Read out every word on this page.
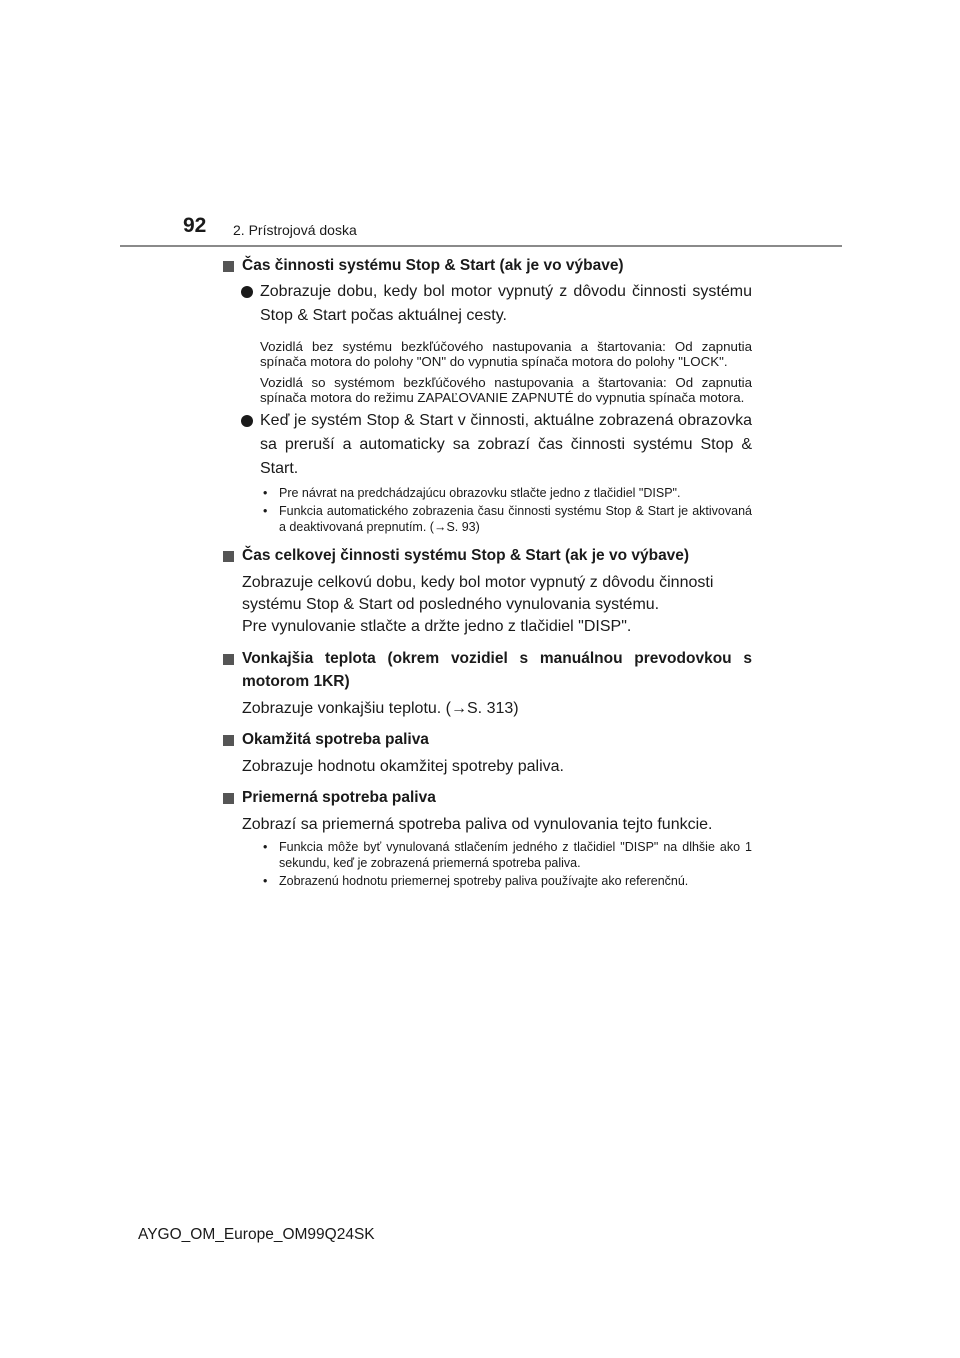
92 2. Prístrojová doska
Čas činnosti systému Stop & Start (ak je vo výbave)
Zobrazuje dobu, kedy bol motor vypnutý z dôvodu činnosti systému Stop & Start počas aktuálnej cesty.
Vozidlá bez systému bezkľúčového nastupovania a štartovania: Od zapnutia spínača motora do polohy "ON" do vypnutia spínača motora do polohy "LOCK".
Vozidlá so systémom bezkľúčového nastupovania a štartovania: Od zapnutia spínača motora do režimu ZAPAĽOVANIE ZAPNUTÉ do vypnutia spínača motora.
Keď je systém Stop & Start v činnosti, aktuálne zobrazená obrazovka sa preruší a automaticky sa zobrazí čas činnosti systému Stop & Start.
• Pre návrat na predchádzajúcu obrazovku stlačte jedno z tlačidiel "DISP".
• Funkcia automatického zobrazenia času činnosti systému Stop & Start je aktivovaná a deaktivovaná prepnutím. (→S. 93)
Čas celkovej činnosti systému Stop & Start (ak je vo výbave)
Zobrazuje celkovú dobu, kedy bol motor vypnutý z dôvodu činnosti
systému Stop & Start od posledného vynulovania systému.
Pre vynulovanie stlačte a držte jedno z tlačidiel "DISP".
Vonkajšia teplota (okrem vozidiel s manuálnou prevodovkou s motorom 1KR)
Zobrazuje vonkajšiu teplotu. (→S. 313)
Okamžitá spotreba paliva
Zobrazuje hodnotu okamžitej spotreby paliva.
Priemerná spotreba paliva
Zobrazí sa priemerná spotreba paliva od vynulovania tejto funkcie.
• Funkcia môže byť vynulovaná stlačením jedného z tlačidiel "DISP" na dlhšie ako 1 sekundu, keď je zobrazená priemerná spotreba paliva.
• Zobrazenú hodnotu priemernej spotreby paliva používajte ako referenčnú.
AYGO_OM_Europe_OM99Q24SK
